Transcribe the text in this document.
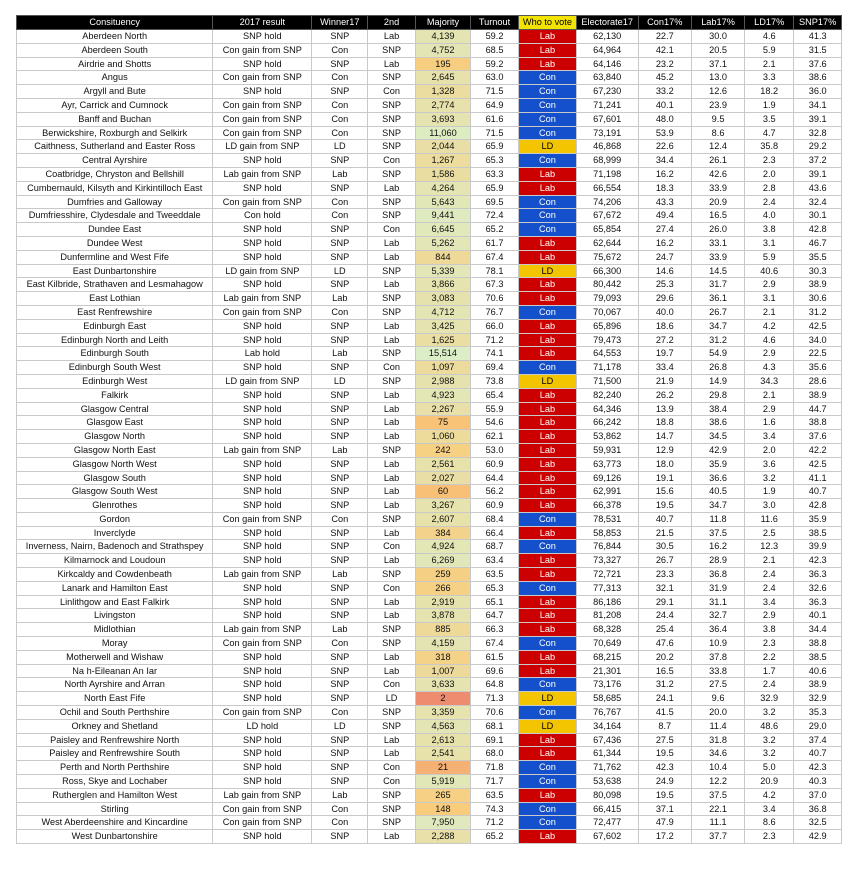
Consituency	2017 result	Winner17	2nd	Majority	Turnout	Who to vote	Electorate17	Con17%	Lab17%	LD17%	SNP17%
Aberdeen North	SNP hold	SNP	Lab	4,139	59.2	Lab	62,130	22.7	30.0	4.6	41.3
Aberdeen South	Con gain from SNP	Con	SNP	4,752	68.5	Lab	64,964	42.1	20.5	5.9	31.5
Airdrie and Shotts	SNP hold	SNP	Lab	195	59.2	Lab	64,146	23.2	37.1	2.1	37.6
Angus	Con gain from SNP	Con	SNP	2,645	63.0	Con	63,840	45.2	13.0	3.3	38.6
Argyll and Bute	SNP hold	SNP	Con	1,328	71.5	Con	67,230	33.2	12.6	18.2	36.0
Ayr, Carrick and Cumnock	Con gain from SNP	Con	SNP	2,774	64.9	Con	71,241	40.1	23.9	1.9	34.1
Banff and Buchan	Con gain from SNP	Con	SNP	3,693	61.6	Con	67,601	48.0	9.5	3.5	39.1
Berwickshire, Roxburgh and Selkirk	Con gain from SNP	Con	SNP	11,060	71.5	Con	73,191	53.9	8.6	4.7	32.8
Caithness, Sutherland and Easter Ross	LD gain from SNP	LD	SNP	2,044	65.9	LD	46,868	22.6	12.4	35.8	29.2
Central Ayrshire	SNP hold	SNP	Con	1,267	65.3	Con	68,999	34.4	26.1	2.3	37.2
Coatbridge, Chryston and Bellshill	Lab gain from SNP	Lab	SNP	1,586	63.3	Lab	71,198	16.2	42.6	2.0	39.1
Cumbernauld, Kilsyth and Kirkintilloch East	SNP hold	SNP	Lab	4,264	65.9	Lab	66,554	18.3	33.9	2.8	43.6
Dumfries and Galloway	Con gain from SNP	Con	SNP	5,643	69.5	Con	74,206	43.3	20.9	2.4	32.4
Dumfriesshire, Clydesdale and Tweeddale	Con hold	Con	SNP	9,441	72.4	Con	67,672	49.4	16.5	4.0	30.1
Dundee East	SNP hold	SNP	Con	6,645	65.2	Con	65,854	27.4	26.0	3.8	42.8
Dundee West	SNP hold	SNP	Lab	5,262	61.7	Lab	62,644	16.2	33.1	3.1	46.7
Dunfermline and West Fife	SNP hold	SNP	Lab	844	67.4	Lab	75,672	24.7	33.9	5.9	35.5
East Dunbartonshire	LD gain from SNP	LD	SNP	5,339	78.1	LD	66,300	14.6	14.5	40.6	30.3
East Kilbride, Strathaven and Lesmahagow	SNP hold	SNP	Lab	3,866	67.3	Lab	80,442	25.3	31.7	2.9	38.9
East Lothian	Lab gain from SNP	Lab	SNP	3,083	70.6	Lab	79,093	29.6	36.1	3.1	30.6
East Renfrewshire	Con gain from SNP	Con	SNP	4,712	76.7	Con	70,067	40.0	26.7	2.1	31.2
Edinburgh East	SNP hold	SNP	Lab	3,425	66.0	Lab	65,896	18.6	34.7	4.2	42.5
Edinburgh North and Leith	SNP hold	SNP	Lab	1,625	71.2	Lab	79,473	27.2	31.2	4.6	34.0
Edinburgh South	Lab hold	Lab	SNP	15,514	74.1	Lab	64,553	19.7	54.9	2.9	22.5
Edinburgh South West	SNP hold	SNP	Con	1,097	69.4	Con	71,178	33.4	26.8	4.3	35.6
Edinburgh West	LD gain from SNP	LD	SNP	2,988	73.8	LD	71,500	21.9	14.9	34.3	28.6
Falkirk	SNP hold	SNP	Lab	4,923	65.4	Lab	82,240	26.2	29.8	2.1	38.9
Glasgow Central	SNP hold	SNP	Lab	2,267	55.9	Lab	64,346	13.9	38.4	2.9	44.7
Glasgow East	SNP hold	SNP	Lab	75	54.6	Lab	66,242	18.8	38.6	1.6	38.8
Glasgow North	SNP hold	SNP	Lab	1,060	62.1	Lab	53,862	14.7	34.5	3.4	37.6
Glasgow North East	Lab gain from SNP	Lab	SNP	242	53.0	Lab	59,931	12.9	42.9	2.0	42.2
Glasgow North West	SNP hold	SNP	Lab	2,561	60.9	Lab	63,773	18.0	35.9	3.6	42.5
Glasgow South	SNP hold	SNP	Lab	2,027	64.4	Lab	69,126	19.1	36.6	3.2	41.1
Glasgow South West	SNP hold	SNP	Lab	60	56.2	Lab	62,991	15.6	40.5	1.9	40.7
Glenrothes	SNP hold	SNP	Lab	3,267	60.9	Lab	66,378	19.5	34.7	3.0	42.8
Gordon	Con gain from SNP	Con	SNP	2,607	68.4	Con	78,531	40.7	11.8	11.6	35.9
Inverclyde	SNP hold	SNP	Lab	384	66.4	Lab	58,853	21.5	37.5	2.5	38.5
Inverness, Nairn, Badenoch and Strathspey	SNP hold	SNP	Con	4,924	68.7	Con	76,844	30.5	16.2	12.3	39.9
Kilmarnock and Loudoun	SNP hold	SNP	Lab	6,269	63.4	Lab	73,327	26.7	28.9	2.1	42.3
Kirkcaldy and Cowdenbeath	Lab gain from SNP	Lab	SNP	259	63.5	Lab	72,721	23.3	36.8	2.4	36.3
Lanark and Hamilton East	SNP hold	SNP	Con	266	65.3	Con	77,313	32.1	31.9	2.4	32.6
Linlithgow and East Falkirk	SNP hold	SNP	Lab	2,919	65.1	Lab	86,186	29.1	31.1	3.4	36.3
Livingston	SNP hold	SNP	Lab	3,878	64.7	Lab	81,208	24.4	32.7	2.9	40.1
Midlothian	Lab gain from SNP	Lab	SNP	885	66.3	Lab	68,328	25.4	36.4	3.8	34.4
Moray	Con gain from SNP	Con	SNP	4,159	67.4	Con	70,649	47.6	10.9	2.3	38.8
Motherwell and Wishaw	SNP hold	SNP	Lab	318	61.5	Lab	68,215	20.2	37.8	2.2	38.5
Na h-Eileanan An Iar	SNP hold	SNP	Lab	1,007	69.6	Lab	21,301	16.5	33.8	1.7	40.6
North Ayrshire and Arran	SNP hold	SNP	Con	3,633	64.8	Con	73,176	31.2	27.5	2.4	38.9
North East Fife	SNP hold	SNP	LD	2	71.3	LD	58,685	24.1	9.6	32.9	32.9
Ochil and South Perthshire	Con gain from SNP	Con	SNP	3,359	70.6	Con	76,767	41.5	20.0	3.2	35.3
Orkney and Shetland	LD hold	LD	SNP	4,563	68.1	LD	34,164	8.7	11.4	48.6	29.0
Paisley and Renfrewshire North	SNP hold	SNP	Lab	2,613	69.1	Lab	67,436	27.5	31.8	3.2	37.4
Paisley and Renfrewshire South	SNP hold	SNP	Lab	2,541	68.0	Lab	61,344	19.5	34.6	3.2	40.7
Perth and North Perthshire	SNP hold	SNP	Con	21	71.8	Con	71,762	42.3	10.4	5.0	42.3
Ross, Skye and Lochaber	SNP hold	SNP	Con	5,919	71.7	Con	53,638	24.9	12.2	20.9	40.3
Rutherglen and Hamilton West	Lab gain from SNP	Lab	SNP	265	63.5	Lab	80,098	19.5	37.5	4.2	37.0
Stirling	Con gain from SNP	Con	SNP	148	74.3	Con	66,415	37.1	22.1	3.4	36.8
West Aberdeenshire and Kincardine	Con gain from SNP	Con	SNP	7,950	71.2	Con	72,477	47.9	11.1	8.6	32.5
West Dunbartonshire	SNP hold	SNP	Lab	2,288	65.2	Lab	67,602	17.2	37.7	2.3	42.9
